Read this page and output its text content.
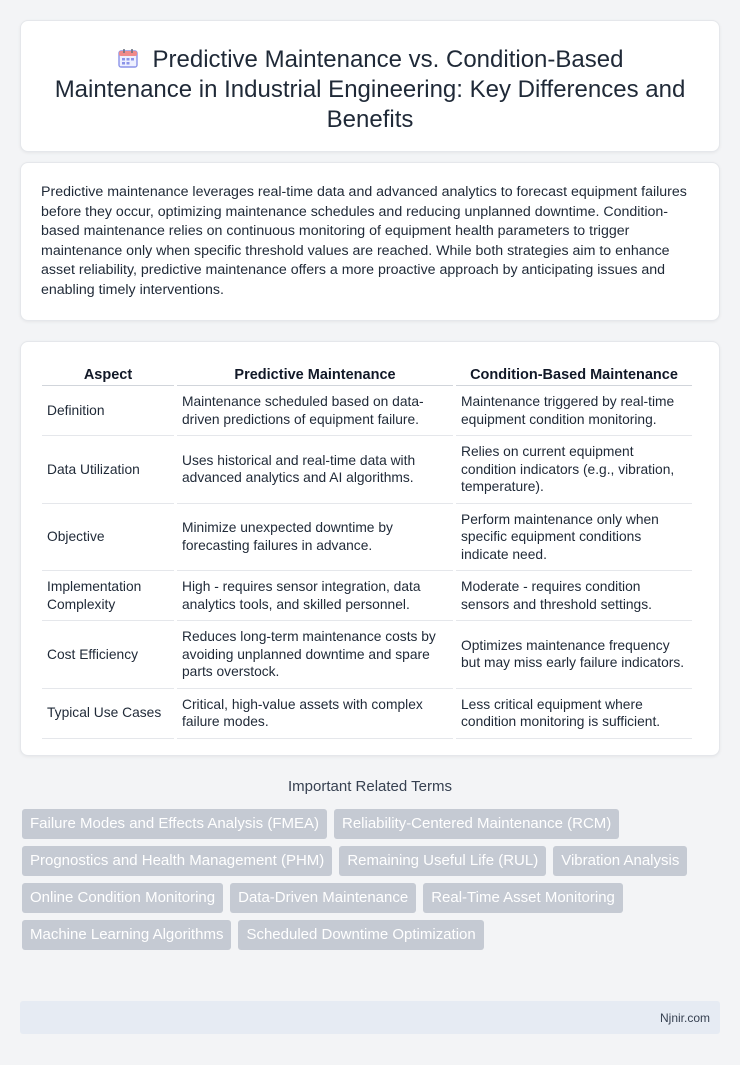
Predictive Maintenance vs. Condition-Based Maintenance in Industrial Engineering: Key Differences and Benefits

Predictive maintenance leverages real-time data and advanced analytics to forecast equipment failures before they occur, optimizing maintenance schedules and reducing unplanned downtime. Condition-based maintenance relies on continuous monitoring of equipment health parameters to trigger maintenance only when specific threshold values are reached. While both strategies aim to enhance asset reliability, predictive maintenance offers a more proactive approach by anticipating issues and enabling timely interventions.

Aspect	Predictive Maintenance	Condition-Based Maintenance
Definition	Maintenance scheduled based on data-driven predictions of equipment failure.	Maintenance triggered by real-time equipment condition monitoring.
Data Utilization	Uses historical and real-time data with advanced analytics and AI algorithms.	Relies on current equipment condition indicators (e.g., vibration, temperature).
Objective	Minimize unexpected downtime by forecasting failures in advance.	Perform maintenance only when specific equipment conditions indicate need.
Implementation Complexity	High - requires sensor integration, data analytics tools, and skilled personnel.	Moderate - requires condition sensors and threshold settings.
Cost Efficiency	Reduces long-term maintenance costs by avoiding unplanned downtime and spare parts overstock.	Optimizes maintenance frequency but may miss early failure indicators.
Typical Use Cases	Critical, high-value assets with complex failure modes.	Less critical equipment where condition monitoring is sufficient.
Important Related Terms
Failure Modes and Effects Analysis (FMEA)	Reliability-Centered Maintenance (RCM)
Prognostics and Health Management (PHM)	Remaining Useful Life (RUL)	Vibration Analysis
Online Condition Monitoring	Data-Driven Maintenance	Real-Time Asset Monitoring
Machine Learning Algorithms	Scheduled Downtime Optimization
Njnir.com
